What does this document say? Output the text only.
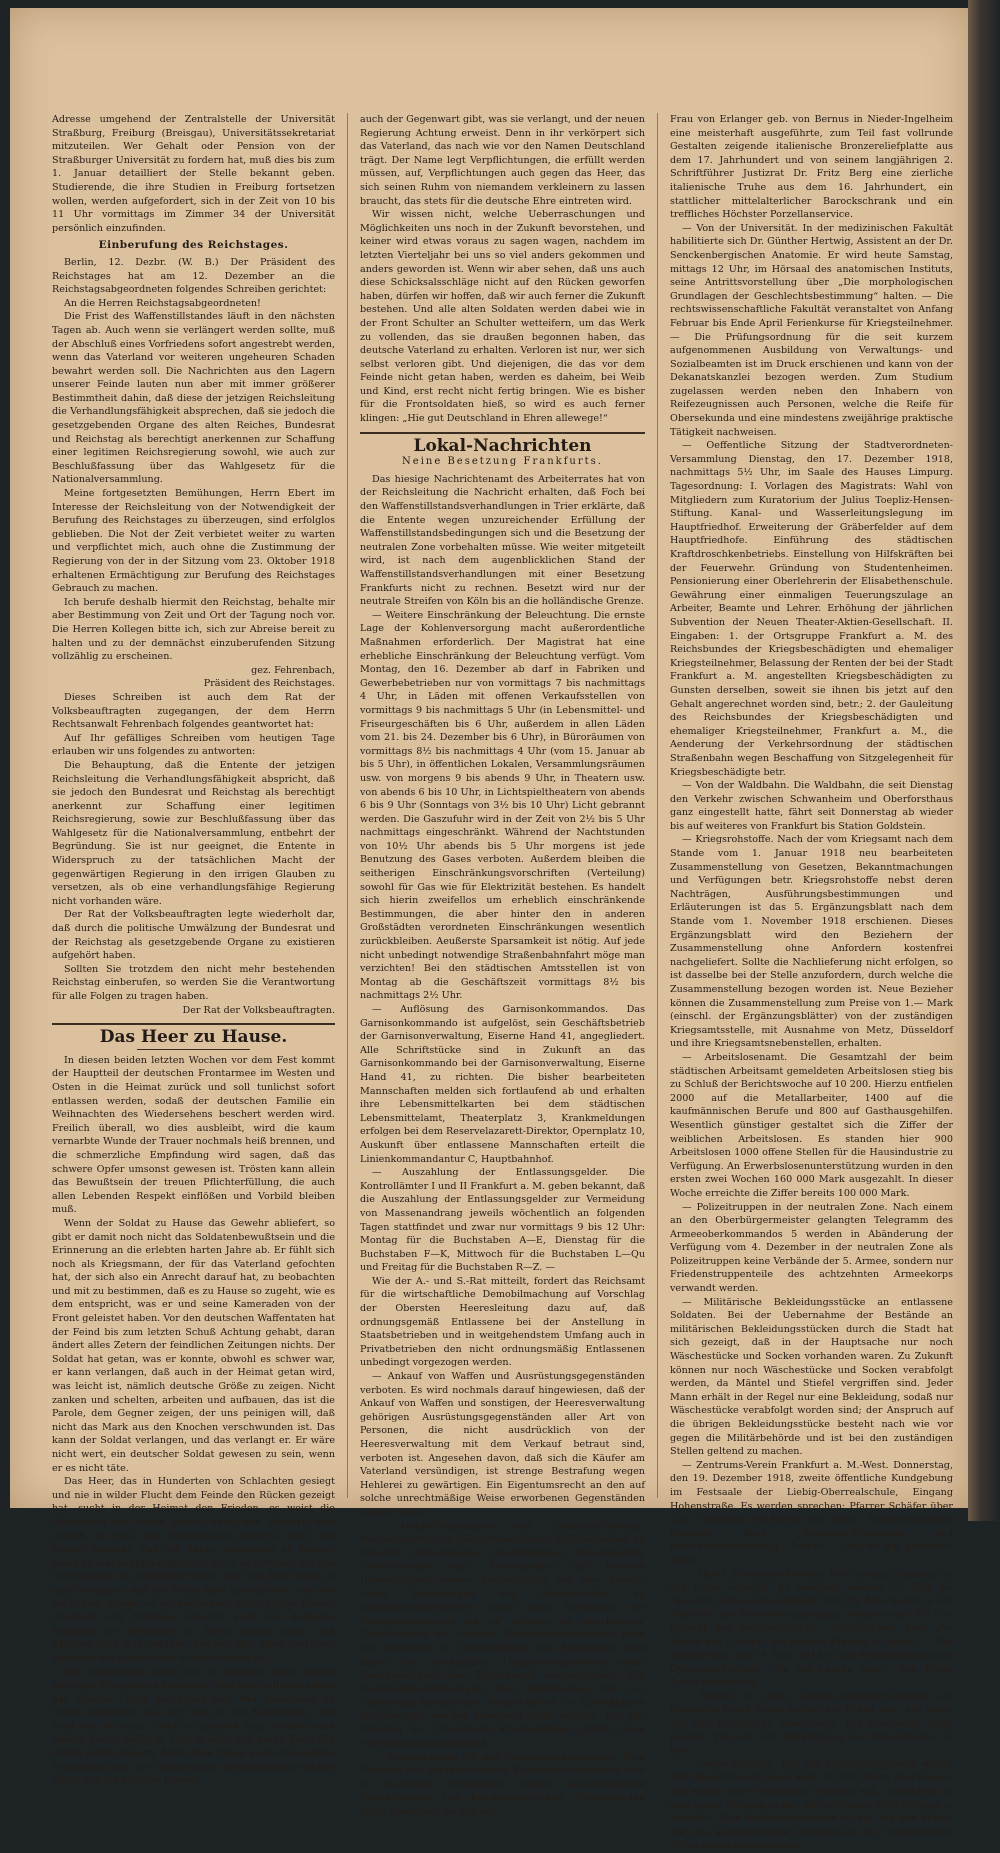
Adresse umgehend der Zentralstelle der Universität Straßburg, Freiburg (Breisgau), Universitätssekretariat mitzuteilen. Wer Gehalt oder Pension von der Straßburger Universität zu fordern hat, muß dies bis zum 1. Januar detailliert der Stelle bekannt geben. Studierende, die ihre Studien in Freiburg fortsetzen wollen, werden aufgefordert, sich in der Zeit von 10 bis 11 Uhr vormittags im Zimmer 34 der Universität persönlich einzufinden.

Einberufung des Reichstages.

Berlin, 12. Dezbr. (W. B.) Der Präsident des Reichstages hat am 12. Dezember an die Reichstagsabgeordneten folgendes Schreiben gerichtet:

An die Herren Reichstagsabgeordneten!

Die Frist des Waffenstillstandes läuft in den nächsten Tagen ab. Auch wenn sie verlängert werden sollte, muß der Abschluß eines Vorfriedens sofort angestrebt werden, wenn das Vaterland vor weiteren ungeheuren Schaden bewahrt werden soll. Die Nachrichten aus den Lagern unserer Feinde lauten nun aber mit immer größerer Bestimmtheit dahin, daß diese der jetzigen Reichsleitung die Verhandlungsfähigkeit absprechen, daß sie jedoch die gesetzgebenden Organe des alten Reiches, Bundesrat und Reichstag als berechtigt anerkennen zur Schaffung einer legitimen Reichsregierung sowohl, wie auch zur Beschlußfassung über das Wahlgesetz für die Nationalversammlung.

Meine fortgesetzten Bemühungen, Herrn Ebert im Interesse der Reichsleitung von der Notwendigkeit der Berufung des Reichstages zu überzeugen, sind erfolglos geblieben. Die Not der Zeit verbietet weiter zu warten und verpflichtet mich, auch ohne die Zustimmung der Regierung von der in der Sitzung vom 23. Oktober 1918 erhaltenen Ermächtigung zur Berufung des Reichstages Gebrauch zu machen.

Ich berufe deshalb hiermit den Reichstag, behalte mir aber Bestimmung von Zeit und Ort der Tagung noch vor. Die Herren Kollegen bitte ich, sich zur Abreise bereit zu halten und zu der demnächst einzuberufenden Sitzung vollzählig zu erscheinen.

gez. Fehrenbach,

Präsident des Reichstages.

Dieses Schreiben ist auch dem Rat der Volksbeauftragten zugegangen, der dem Herrn Rechtsanwalt Fehrenbach folgendes geantwortet hat:

Auf Ihr gefälliges Schreiben vom heutigen Tage erlauben wir uns folgendes zu antworten:

Die Behauptung, daß die Entente der jetzigen Reichsleitung die Verhandlungsfähigkeit abspricht, daß sie jedoch den Bundesrat und Reichstag als berechtigt anerkennt zur Schaffung einer legitimen Reichsregierung, sowie zur Beschlußfassung über das Wahlgesetz für die Nationalversammlung, entbehrt der Begründung. Sie ist nur geeignet, die Entente in Widerspruch zu der tatsächlichen Macht der gegenwärtigen Regierung in den irrigen Glauben zu versetzen, als ob eine verhandlungsfähige Regierung nicht vorhanden wäre.

Der Rat der Volksbeauftragten legte wiederholt dar, daß durch die politische Umwälzung der Bundesrat und der Reichstag als gesetzgebende Organe zu existieren aufgehört haben.

Sollten Sie trotzdem den nicht mehr bestehenden Reichstag einberufen, so werden Sie die Verantwortung für alle Folgen zu tragen haben.

Der Rat der Volksbeauftragten.

Das Heer zu Hause.

In diesen beiden letzten Wochen vor dem Fest kommt der Hauptteil der deutschen Frontarmee im Westen und Osten in die Heimat zurück und soll tunlichst sofort entlassen werden, sodaß der deutschen Familie ein Weihnachten des Wiedersehens beschert werden wird. Freilich überall, wo dies ausbleibt, wird die kaum vernarbte Wunde der Trauer nochmals heiß brennen, und die schmerzliche Empfindung wird sagen, daß das schwere Opfer umsonst gewesen ist. Trösten kann allein das Bewußtsein der treuen Pflichterfüllung, die auch allen Lebenden Respekt einflößen und Vorbild bleiben muß.

Wenn der Soldat zu Hause das Gewehr abliefert, so gibt er damit noch nicht das Soldatenbewußtsein und die Erinnerung an die erlebten harten Jahre ab. Er fühlt sich noch als Kriegsmann, der für das Vaterland gefochten hat, der sich also ein Anrecht darauf hat, zu beobachten und mit zu bestimmen, daß es zu Hause so zugeht, wie es dem entspricht, was er und seine Kameraden von der Front geleistet haben. Vor den deutschen Waffentaten hat der Feind bis zum letzten Schuß Achtung gehabt, daran ändert alles Zetern der feindlichen Zeitungen nichts. Der Soldat hat getan, was er konnte, obwohl es schwer war, er kann verlangen, daß auch in der Heimat getan wird, was leicht ist, nämlich deutsche Größe zu zeigen. Nicht zanken und schelten, arbeiten und aufbauen, das ist die Parole, dem Gegner zeigen, der uns peinigen will, daß nicht das Mark aus den Knochen verschwunden ist. Das kann der Soldat verlangen, und das verlangt er. Er wäre nicht wert, ein deutscher Soldat gewesen zu sein, wenn er es nicht täte.

Das Heer, das in Hunderten von Schlachten gesiegt und nie in wilder Flucht dem Feinde den Rücken gezeigt hat, sucht in der Heimat den Frieden, es weist die Phantasien von einem Sowjet unter den Bürgern weit zurück. So will, daß Deutschland aufrecht steht und wieder erstarkt. Daß die Zähne zusammen zu beißen, wenn es mal knapp hergeht, ist nicht so schlimm, als das Durchhalten im schärfsten Feuer. Aber das Heer kann es nicht ertragen, daß der Feind über uns spöttelt, weil wir noch dem Kriege es an deutschem Geist fehlen lassen. Gradheit und Ordnung braucht auch die deutsche Republik als Bewohner in ihrem neuen Haus, und darüber muß das goldene Zeichen der Ehre leuchten, nachdem die Kaiserkrone verschwunden ist.

Der Soldat kann auch nicht in wenigen Tagen seinen einstigen Kriegsherrn vergessen, der ihm vielleicht selbst das Eiserne Kreuz übergeben hat. Wer zusammen im Feuer gestanden hat, der hält zu den Kameraden, und wird um sie nicht, noch so jemand sagt, selbst wenn andere Leute, dafür so sehr je sich, und daran kann alle Politik nichts ändern. Aber diese Treue gegen die schöne Erinnerung aus der ruhmreichen Vergangenheit hindert nicht, daß die einstige Krieger

auch der Gegenwart gibt, was sie verlangt, und der neuen Regierung Achtung erweist. Denn in ihr verkörpert sich das Vaterland, das nach wie vor den Namen Deutschland trägt. Der Name legt Verpflichtungen, die erfüllt werden müssen, auf, Verpflichtungen auch gegen das Heer, das sich seinen Ruhm von niemandem verkleinern zu lassen braucht, das stets für die deutsche Ehre eintreten wird.

Wir wissen nicht, welche Ueberraschungen und Möglichkeiten uns noch in der Zukunft bevorstehen, und keiner wird etwas voraus zu sagen wagen, nachdem im letzten Vierteljahr bei uns so viel anders gekommen und anders geworden ist. Wenn wir aber sehen, daß uns auch diese Schicksalsschläge nicht auf den Rücken geworfen haben, dürfen wir hoffen, daß wir auch ferner die Zukunft bestehen. Und alle alten Soldaten werden dabei wie in der Front Schulter an Schulter wetteifern, um das Werk zu vollenden, das sie draußen begonnen haben, das deutsche Vaterland zu erhalten. Verloren ist nur, wer sich selbst verloren gibt. Und diejenigen, die das vor dem Feinde nicht getan haben, werden es daheim, bei Weib und Kind, erst recht nicht fertig bringen. Wie es bisher für die Frontsoldaten hieß, so wird es auch ferner klingen: „Hie gut Deutschland in Ehren allewege!“

Lokal-Nachrichten
Neine Besetzung Frankfurts.

Das hiesige Nachrichtenamt des Arbeiterrates hat von der Reichsleitung die Nachricht erhalten, daß Foch bei den Waffenstillstandsverhandlungen in Trier erklärte, daß die Entente wegen unzureichender Erfüllung der Waffenstillstandsbedingungen sich und die Besetzung der neutralen Zone vorbehalten müsse. Wie weiter mitgeteilt wird, ist nach dem augenblicklichen Stand der Waffenstillstandsverhandlungen mit einer Besetzung Frankfurts nicht zu rechnen. Besetzt wird nur der neutrale Streifen von Köln bis an die holländische Grenze.

— Weitere Einschränkung der Beleuchtung. Die ernste Lage der Kohlenversorgung macht außerordentliche Maßnahmen erforderlich. Der Magistrat hat eine erhebliche Einschränkung der Beleuchtung verfügt. Vom Montag, den 16. Dezember ab darf in Fabriken und Gewerbebetrieben nur von vormittags 7 bis nachmittags 4 Uhr, in Läden mit offenen Verkaufsstellen von vormittags 9 bis nachmittags 5 Uhr (in Lebensmittel- und Friseurgeschäften bis 6 Uhr, außerdem in allen Läden vom 21. bis 24. Dezember bis 6 Uhr), in Büroräumen von vormittags 8½ bis nachmittags 4 Uhr (vom 15. Januar ab bis 5 Uhr), in öffentlichen Lokalen, Versammlungsräumen usw. von morgens 9 bis abends 9 Uhr, in Theatern usw. von abends 6 bis 10 Uhr, in Lichtspieltheatern von abends 6 bis 9 Uhr (Sonntags von 3½ bis 10 Uhr) Licht gebrannt werden. Die Gaszufuhr wird in der Zeit von 2½ bis 5 Uhr nachmittags eingeschränkt. Während der Nachtstunden von 10½ Uhr abends bis 5 Uhr morgens ist jede Benutzung des Gases verboten. Außerdem bleiben die seitherigen Einschränkungsvorschriften (Verteilung) sowohl für Gas wie für Elektrizität bestehen. Es handelt sich hierin zweifellos um erheblich einschränkende Bestimmungen, die aber hinter den in anderen Großstädten verordneten Einschränkungen wesentlich zurückbleiben. Aeußerste Sparsamkeit ist nötig. Auf jede nicht unbedingt notwendige Straßenbahnfahrt möge man verzichten! Bei den städtischen Amtsstellen ist von Montag ab die Geschäftszeit vormittags 8½ bis nachmittags 2½ Uhr.

— Auflösung des Garnisonkommandos. Das Garnisonkommando ist aufgelöst, sein Geschäftsbetrieb der Garnisonverwaltung, Eiserne Hand 41, angegliedert. Alle Schriftstücke sind in Zukunft an das Garnisonkommando bei der Garnisonverwaltung, Eiserne Hand 41, zu richten. Die bisher bearbeiteten Mannschaften melden sich fortlaufend ab und erhalten ihre Lebensmittelkarten bei dem städtischen Lebensmittelamt, Theaterplatz 3, Krankmeldungen erfolgen bei dem Reservelazarett-Direktor, Opernplatz 10, Auskunft über entlassene Mannschaften erteilt die Linienkommandantur C, Hauptbahnhof.

— Auszahlung der Entlassungsgelder. Die Kontrollämter I und II Frankfurt a. M. geben bekannt, daß die Auszahlung der Entlassungsgelder zur Vermeidung von Massenandrang jeweils wöchentlich an folgenden Tagen stattfindet und zwar nur vormittags 9 bis 12 Uhr: Montag für die Buchstaben A—E, Dienstag für die Buchstaben F—K, Mittwoch für die Buchstaben L—Qu und Freitag für die Buchstaben R—Z. —

Wie der A.- und S.-Rat mitteilt, fordert das Reichsamt für die wirtschaftliche Demobilmachung auf Vorschlag der Obersten Heeresleitung dazu auf, daß ordnungsgemäß Entlassene bei der Anstellung in Staatsbetrieben und in weitgehendstem Umfang auch in Privatbetrieben den nicht ordnungsmäßig Entlassenen unbedingt vorgezogen werden.

— Ankauf von Waffen und Ausrüstungsgegenständen verboten. Es wird nochmals darauf hingewiesen, daß der Ankauf von Waffen und sonstigen, der Heeresverwaltung gehörigen Ausrüstungsgegenständen aller Art von Personen, die nicht ausdrücklich von der Heeresverwaltung mit dem Verkauf betraut sind, verboten ist. Angesehen davon, daß sich die Käufer am Vaterland versündigen, ist strenge Bestrafung wegen Hehlerei zu gewärtigen. Ein Eigentumsrecht an den auf solche unrechtmäßige Weise erworbenen Gegenständen besteht nicht.

— Neubeförderungen und Dienstgebührnisse. Neubeförderungen (Neuernennungen), Beförderungen zu höheren etatsmäßigen (überzähligen) Dienstgraden, Beförderungen nach Dienstgraden der Reserve (Ernennungen) wegen Auszeichnung vor dem Feinde, sowie Bestellungen von Mannschaften zu Beamtenstellvertretern haben nach Verfügung des Kriegsministeriums bis auf weiteres zu unterbleiben. Gewährungen der höheren Dienstgradgebührnisse nach der Dienstzeit an Unteroffiziere und Sergeanten sind durch die zuständigen Truppenvorgesetzten unter Gegenzeichnung des Soldatenrats auszusprechen. Die Ausnahmebestimmungen über Beförderung der zur Entlassung kommenden Mannschaften zu überzähligen Dienstgraden werden hierdurch nicht berührt. Für das Personal der freiwilligen Krankenpflege gelten diese Festsetzungen sinngemäß.

— Vermächtnisse für das Kunstgewerbemuseum. Dem Museum des Mitteldeutschen Kunstgewerbevereins sind in laufenden Vereinsjahr höchst beachtenswerte Vermächtnisse von kunstgewerblichen Gegenständen zuteil geworden. So von der

Frau von Erlanger geb. von Bernus in Nieder-Ingelheim eine meisterhaft ausgeführte, zum Teil fast vollrunde Gestalten zeigende italienische Bronzereliefplatte aus dem 17. Jahrhundert und von seinem langjährigen 2. Schriftführer Justizrat Dr. Fritz Berg eine zierliche italienische Truhe aus dem 16. Jahrhundert, ein stattlicher mittelalterlicher Barockschrank und ein treffliches Höchster Porzellanservice.

— Von der Universität. In der medizinischen Fakultät habilitierte sich Dr. Günther Hertwig, Assistent an der Dr. Senckenbergischen Anatomie. Er wird heute Samstag, mittags 12 Uhr, im Hörsaal des anatomischen Instituts, seine Antrittsvorstellung über „Die morphologischen Grundlagen der Geschlechtsbestimmung“ halten. — Die rechtswissenschaftliche Fakultät veranstaltet von Anfang Februar bis Ende April Ferienkurse für Kriegsteilnehmer. — Die Prüfungsordnung für die seit kurzem aufgenommenen Ausbildung von Verwaltungs- und Sozialbeamten ist im Druck erschienen und kann von der Dekanatskanzlei bezogen werden. Zum Studium zugelassen werden neben den Inhabern von Reifezeugnissen auch Personen, welche die Reife für Obersekunda und eine mindestens zweijährige praktische Tätigkeit nachweisen.

— Oeffentliche Sitzung der Stadtverordneten-Versammlung Dienstag, den 17. Dezember 1918, nachmittags 5½ Uhr, im Saale des Hauses Limpurg. Tagesordnung: I. Vorlagen des Magistrats: Wahl von Mitgliedern zum Kuratorium der Julius Toepliz-Hensen-Stiftung. Kanal- und Wasserleitungslegung im Hauptfriedhof. Erweiterung der Gräberfelder auf dem Hauptfriedhofe. Einführung des städtischen Kraftdroschkenbetriebs. Einstellung von Hilfskräften bei der Feuerwehr. Gründung von Studentenheimen. Pensionierung einer Oberlehrerin der Elisabethenschule. Gewährung einer einmaligen Teuerungszulage an Arbeiter, Beamte und Lehrer. Erhöhung der jährlichen Subvention der Neuen Theater-Aktien-Gesellschaft. II. Eingaben: 1. der Ortsgruppe Frankfurt a. M. des Reichsbundes der Kriegsbeschädigten und ehemaliger Kriegsteilnehmer, Belassung der Renten der bei der Stadt Frankfurt a. M. angestellten Kriegsbeschädigten zu Gunsten derselben, soweit sie ihnen bis jetzt auf den Gehalt angerechnet worden sind, betr.; 2. der Gauleitung des Reichsbundes der Kriegsbeschädigten und ehemaliger Kriegsteilnehmer, Frankfurt a. M., die Aenderung der Verkehrsordnung der städtischen Straßenbahn wegen Beschaffung von Sitzgelegenheit für Kriegsbeschädigte betr.

— Von der Waldbahn. Die Waldbahn, die seit Dienstag den Verkehr zwischen Schwanheim und Oberforsthaus ganz eingestellt hatte, fährt seit Donnerstag ab wieder bis auf weiteres von Frankfurt bis Station Goldstein.

— Kriegsrohstoffe. Nach der vom Kriegsamt nach dem Stande vom 1. Januar 1918 neu bearbeiteten Zusammenstellung von Gesetzen, Bekanntmachungen und Verfügungen betr. Kriegsrohstoffe nebst deren Nachträgen, Ausführungsbestimmungen und Erläuterungen ist das 5. Ergänzungsblatt nach dem Stande vom 1. November 1918 erschienen. Dieses Ergänzungsblatt wird den Beziehern der Zusammenstellung ohne Anfordern kostenfrei nachgeliefert. Sollte die Nachlieferung nicht erfolgen, so ist dasselbe bei der Stelle anzufordern, durch welche die Zusammenstellung bezogen worden ist. Neue Bezieher können die Zusammenstellung zum Preise von 1.— Mark (einschl. der Ergänzungsblätter) von der zuständigen Kriegsamtsstelle, mit Ausnahme von Metz, Düsseldorf und ihre Kriegsamtsnebenstellen, erhalten.

— Arbeitslosenamt. Die Gesamtzahl der beim städtischen Arbeitsamt gemeldeten Arbeitslosen stieg bis zu Schluß der Berichtswoche auf 10 200. Hierzu entfielen 2000 auf die Metallarbeiter, 1400 auf die kaufmännischen Berufe und 800 auf Gasthausgehilfen. Wesentlich günstiger gestaltet sich die Ziffer der weiblichen Arbeitslosen. Es standen hier 900 Arbeitslosen 1000 offene Stellen für die Hausindustrie zu Verfügung. An Erwerbslosenunterstützung wurden in den ersten zwei Wochen 160 000 Mark ausgezahlt. In dieser Woche erreichte die Ziffer bereits 100 000 Mark.

— Polizeitruppen in der neutralen Zone. Nach einem an den Oberbürgermeister gelangten Telegramm des Armeeoberkommandos 5 werden in Abänderung der Verfügung vom 4. Dezember in der neutralen Zone als Polizeitruppen keine Verbände der 5. Armee, sondern nur Friedenstruppenteile des achtzehnten Armeekorps verwandt werden.

— Militärische Bekleidungsstücke an entlassene Soldaten. Bei der Uebernahme der Bestände an militärischen Bekleidungsstücken durch die Stadt hat sich gezeigt, daß in der Hauptsache nur noch Wäschestücke und Socken vorhanden waren. Zu Zukunft können nur noch Wäschestücke und Socken verabfolgt werden, da Mäntel und Stiefel vergriffen sind. Jeder Mann erhält in der Regel nur eine Bekleidung, sodaß nur Wäschestücke verabfolgt worden sind; der Anspruch auf die übrigen Bekleidungsstücke besteht nach wie vor gegen die Militärbehörde und ist bei den zuständigen Stellen geltend zu machen.

— Zentrums-Verein Frankfurt a. M.-West. Donnerstag, den 19. Dezember 1918, zweite öffentliche Kundgebung im Festsaale der Liebig-Oberrealschule, Eingang Hohenstraße. Es werden sprechen: Pfarrer Schäfer über „Die Trennung von Kirche und Staat“, Stadtverordneter Fammler über „Zentrums-Programm und Nationalversammlung“. Beginn 7 Uhr im gut geheizten Saale.

— Albert Schumann-Theater. Der morgige Sonntag ist der letzte Sonntag, an welchem abends 7½ Uhr die Operette „Schwarzwaldmädel“ mit Frl. Anni Sutter in der Titelrolle zur Darstellung gelangt. Nachmittags 3½ Uhr gelangt das Weihnachtsspiel: „Rheinzauber“ oder „Im Banne der Loreley“ bei kleinen Preisen in Szene. — Für Donnerstag, den 19. Dez. 1918 ist die Erstaufführung der Operetten-Novität: „Wo die Lerche singt.“ von Franz Lehar festgesetzt.

— Brand. Im alten General-Anzeiger-Gebäude am Roßmarkt brach heute mittag ein Brand aus, der einen Teil des Dachstocks einäscherte. Die Feuerwehr hatte längere Zeit mit der Bekämpfung des Brandherdes zu tun.

— Große Stiftung. Für ein Volksbildungshaus wurde dem Magistrat ein Legat über 235 000 Mark überwiesen, das später eine Ergänzung erfahren soll. Außerdem ist eine große Stiftung in der Art der Jenaer Zeiß-Stiftung in Aussicht. Zum Volksbildungshaus ist ein Teil der Mittel, die das kaufmännische Vereinshaus am Eschenheimer Tor in Aussicht genommen.
